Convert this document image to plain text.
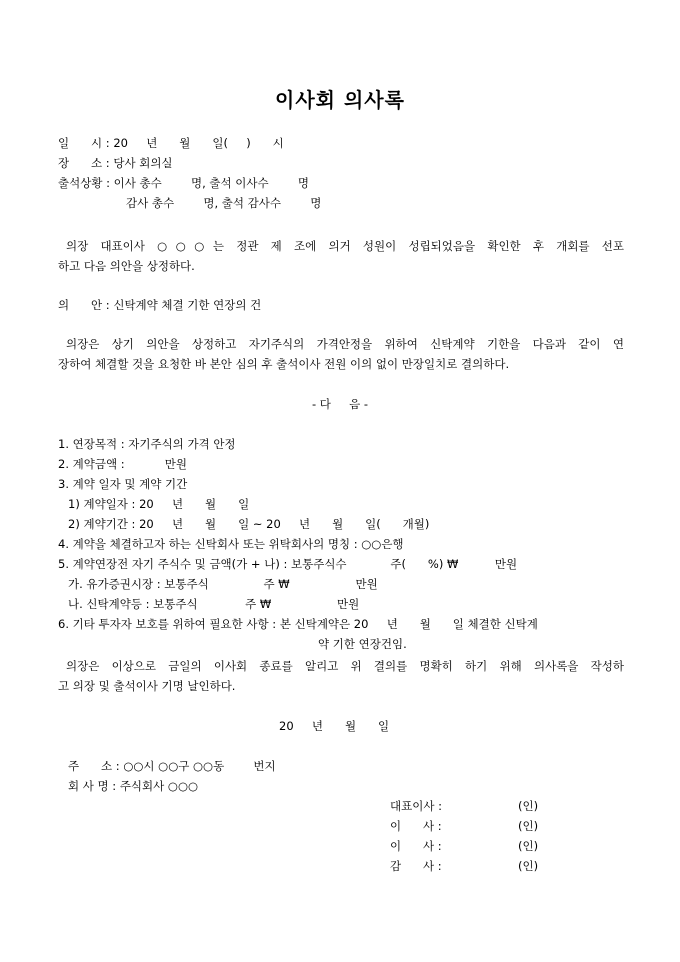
이사회 의사록
일      시 : 20     년      월      일(     )      시
장      소 : 당사 회의실
출석상황 : 이사 총수        명, 출석 이사수        명
감사 총수        명, 출석 감사수        명
의장 대표이사 ○○○는 정관 제 조에 의거 성원이 성립되었음을 확인한 후 개회를 선포
하고 다음 의안을 상정하다.
의      안 : 신탁계약 체결 기한 연장의 건
의장은 상기 의안을 상정하고 자기주식의 가격안정을 위하여 신탁계약 기한을 다음과 같이 연
장하여 체결할 것을 요청한 바 본안 심의 후 출석이사 전원 이의 없이 만장일치로 결의하다.
- 다     음 -
1. 연장목적 : 자기주식의 가격 안정
2. 계약금액 :           만원
3. 계약 일자 및 계약 기간
1) 계약일자 : 20     년      월      일
2) 계약기간 : 20     년      월      일 ~ 20     년      월      일(      개월)
4. 계약을 체결하고자 하는 신탁회사 또는 위탁회사의 명칭 : ○○은행
5. 계약연장전 자기 주식수 및 금액(가 + 나) : 보통주식수            주(      %) ₩          만원
가. 유가증권시장 : 보통주식               주 ₩                  만원
나. 신탁계약등 : 보통주식             주 ₩                  만원
6. 기타 투자자 보호를 위하여 필요한 사항 : 본 신탁계약은 20     년      월      일 체결한 신탁계
약 기한 연장건임.
의장은 이상으로 금일의 이사회 종료를 알리고 위 결의를 명확히 하기 위해 의사록을 작성하
고 의장 및 출석이사 기명 날인하다.
20     년      월      일
주      소 : ○○시 ○○구 ○○동        번지
회 사 명 : 주식회사 ○○○
대표이사 :	(인)
이      사 :	(인)
이      사 :	(인)
감      사 :	(인)
